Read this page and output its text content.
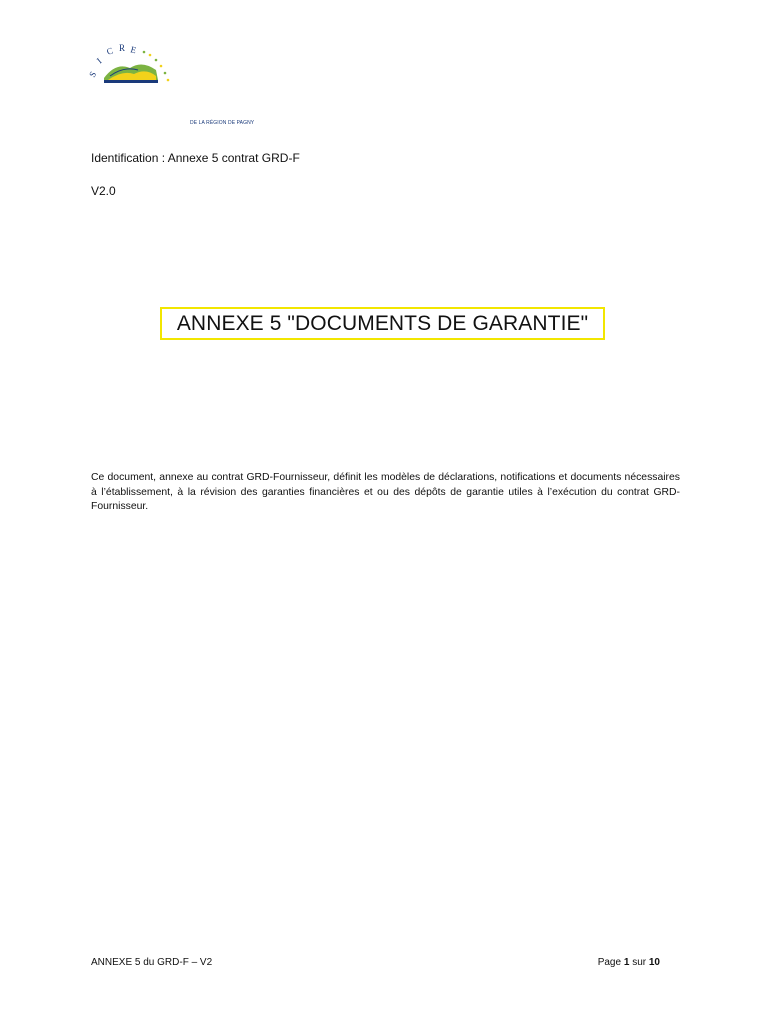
S
I
C R E
DE LA RÉGION DE PAGNY
Identification : Annexe 5 contrat GRD-F
V2.0
ANNEXE 5 "DOCUMENTS DE GARANTIE"

Ce document, annexe au contrat GRD-Fournisseur, définit les modèles de déclarations, notifications et documents nécessaires à l’établissement, à la révision des garanties financières et ou des dépôts de garantie utiles à l’exécution du contrat GRD-Fournisseur.

ANNEXE 5 du GRD-F – V2	Page 1 sur 10
